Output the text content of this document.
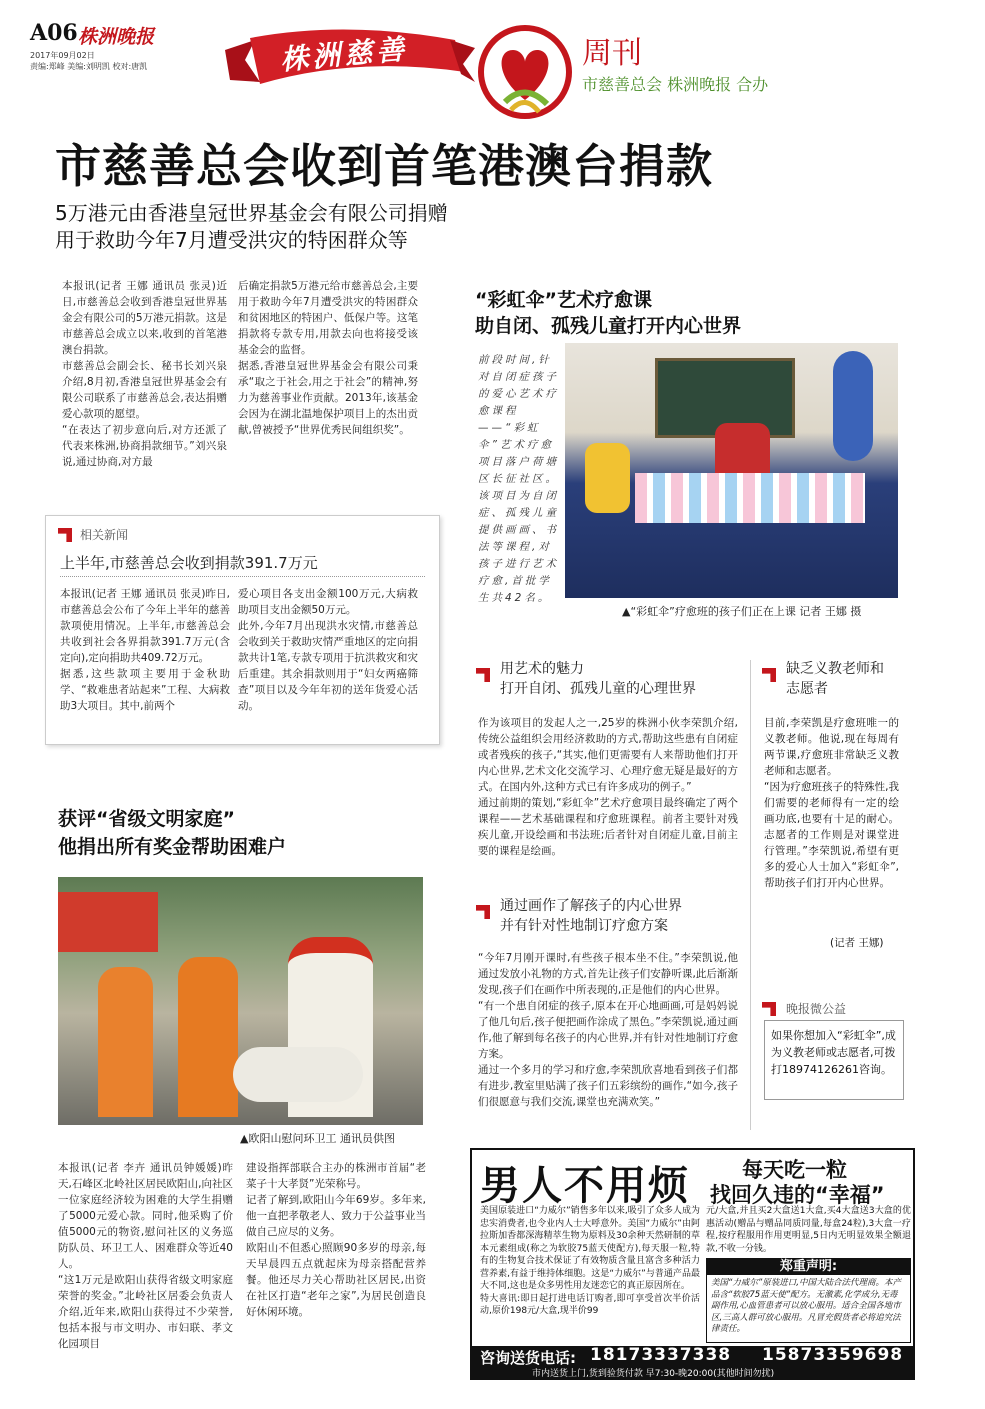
A06 株洲晚报
2017年09月02日
责编:郑峰 美编:刘明凯 校对:唐凯	株洲慈善	周刊
市慈善总会 株洲晚报 合办
市慈善总会收到首笔港澳台捐款
5万港元由香港皇冠世界基金会有限公司捐赠
用于救助今年7月遭受洪灾的特困群众等
本报讯(记者 王娜 通讯员 张灵)近日,市慈善总会收到香港皇冠世界基金会有限公司的5万港元捐款。这是市慈善总会成立以来,收到的首笔港澳台捐款。
市慈善总会副会长、秘书长刘兴泉介绍,8月初,香港皇冠世界基金会有限公司联系了市慈善总会,表达捐赠爱心款项的愿望。
“在表达了初步意向后,对方还派了代表来株洲,协商捐款细节。”刘兴泉说,通过协商,对方最
后确定捐款5万港元给市慈善总会,主要用于救助今年7月遭受洪灾的特困群众和贫困地区的特困户、低保户等。这笔捐款将专款专用,用款去向也将接受该基金会的监督。
据悉,香港皇冠世界基金会有限公司秉承“取之于社会,用之于社会”的精神,努力为慈善事业作贡献。2013年,该基金会因为在湖北温地保护项目上的杰出贡献,曾被授予“世界优秀民间组织奖”。
相关新闻
上半年,市慈善总会收到捐款391.7万元
本报讯(记者 王娜 通讯员 张灵)昨日,市慈善总会公布了今年上半年的慈善款项使用情况。上半年,市慈善总会共收到社会各界捐款391.7万元(含定向),定向捐助共409.72万元。
据悉,这些款项主要用于金秋助学、“救难患者站起来”工程、大病救助3大项目。其中,前两个
爱心项目各支出金额100万元,大病救助项目支出金额50万元。
此外,今年7月出现洪水灾情,市慈善总会收到关于救助灾情严重地区的定向捐款共计1笔,专款专项用于抗洪救灾和灾后重建。其余捐款则用于“妇女两癌筛查”项目以及今年年初的送年货爱心活动。
“彩虹伞”艺术疗愈课
助自闭、孤残儿童打开内心世界
前段时间,针对自闭症孩子的爱心艺术疗愈课程——“彩虹伞”艺术疗愈项目落户荷塘区长征社区。该项目为自闭症、孤残儿童提供画画、书法等课程,对孩子进行艺术疗愈,首批学生共42名。
▲“彩虹伞”疗愈班的孩子们正在上课 记者 王娜 摄
用艺术的魅力
打开自闭、孤残儿童的心理世界
作为该项目的发起人之一,25岁的株洲小伙李荣凯介绍,传统公益组织会用经济救助的方式,帮助这些患有自闭症或者残疾的孩子,“其实,他们更需要有人来帮助他们打开内心世界,艺术文化交流学习、心理疗愈无疑是最好的方式。在国内外,这种方式已有许多成功的例子。”
通过前期的策划,“彩虹伞”艺术疗愈项目最终确定了两个课程——艺术基础课程和疗愈班课程。前者主要针对残疾儿童,开设绘画和书法班;后者针对自闭症儿童,目前主要的课程是绘画。
通过画作了解孩子的内心世界
并有针对性地制订疗愈方案
“今年7月刚开课时,有些孩子根本坐不住。”李荣凯说,他通过发放小礼物的方式,首先让孩子们安静听课,此后渐渐发现,孩子们在画作中所表现的,正是他们的内心世界。
“有一个患自闭症的孩子,原本在开心地画画,可是妈妈说了他几句后,孩子便把画作涂成了黑色。”李荣凯说,通过画作,他了解到每名孩子的内心世界,并有针对性地制订疗愈方案。
通过一个多月的学习和疗愈,李荣凯欣喜地看到孩子们都有进步,教室里贴满了孩子们五彩缤纷的画作,“如今,孩子们很愿意与我们交流,课堂也充满欢笑。”
缺乏义教老师和
志愿者
目前,李荣凯是疗愈班唯一的义教老师。他说,现在每周有两节课,疗愈班非常缺乏义教老师和志愿者。
“因为疗愈班孩子的特殊性,我们需要的老师得有一定的绘画功底,也要有十足的耐心。志愿者的工作则是对课堂进行管理。”李荣凯说,希望有更多的爱心人士加入“彩虹伞”,帮助孩子们打开内心世界。
(记者 王娜)
晚报微公益
如果你想加入“彩虹伞”,成为义教老师或志愿者,可拨打18974126261咨询。
获评“省级文明家庭”
他捐出所有奖金帮助困难户
▲欧阳山慰问环卫工 通讯员供图
本报讯(记者 李卉 通讯员钟媛媛)昨天,石峰区北岭社区居民欧阳山,向社区一位家庭经济较为困难的大学生捐赠了5000元爱心款。同时,他采购了价值5000元的物资,慰问社区的义务巡防队员、环卫工人、困难群众等近40人。
“这1万元是欧阳山获得省级文明家庭荣誉的奖金。”北岭社区居委会负责人介绍,近年来,欧阳山获得过不少荣誉,包括本报与市文明办、市妇联、孝文化园项目
建设指挥部联合主办的株洲市首届“老菜子十大孝贤”光荣称号。
记者了解到,欧阳山今年69岁。多年来,他一直把孝敬老人、致力于公益事业当做自己应尽的义务。
欧阳山不但悉心照顾90多岁的母亲,每天早晨四五点就起床为母亲搭配营养餐。他还尽力关心帮助社区居民,出资在社区打造“老年之家”,为居民创造良好休闲环境。
男人不用烦 每天吃一粒
找回久违的“幸福”
美国原装进口“力威尔”销售多年以来,吸引了众多人成为忠实消费者,也令业内人士大呼意外。美国“力威尔”由阿拉斯加香都深海精萃生物为原料及30余种天然研制的草本元素组成(称之为软胶75蓝天使配方),每天服一粒,特有的生物复合技术保证了有效物质含量且富含多种活力营养素,有益于维持体细胞。这是“力威尔”与普通产品最大不同,这也是众多男性用友迷恋它的真正原因所在。
特大喜讯:即日起打进电话订购者,即可享受首次半价活动,原价198元/大盒,现半价99
元/大盒,并且买2大盒送1大盒,买4大盒送3大盒的优惠活动(赠品与赠品同质同量,每盒24粒),3大盒一疗程,按疗程服用作用更明显,5日内无明显效果全额退款,不收一分钱。
郑重声明:
美国“力威尔”原装进口,中国大陆合法代理商。本产品含“软胶75蓝天使”配方。无激素,化学成分,无毒副作用,心血管患者可以放心服用。适合全国各地市区,三高人群可放心服用。凡冒充假货者必将追究法律责任。
咨询送货电话: 18173337338 15873359698
市内送货上门,货到验货付款 早7:30-晚20:00(其他时间勿扰)
